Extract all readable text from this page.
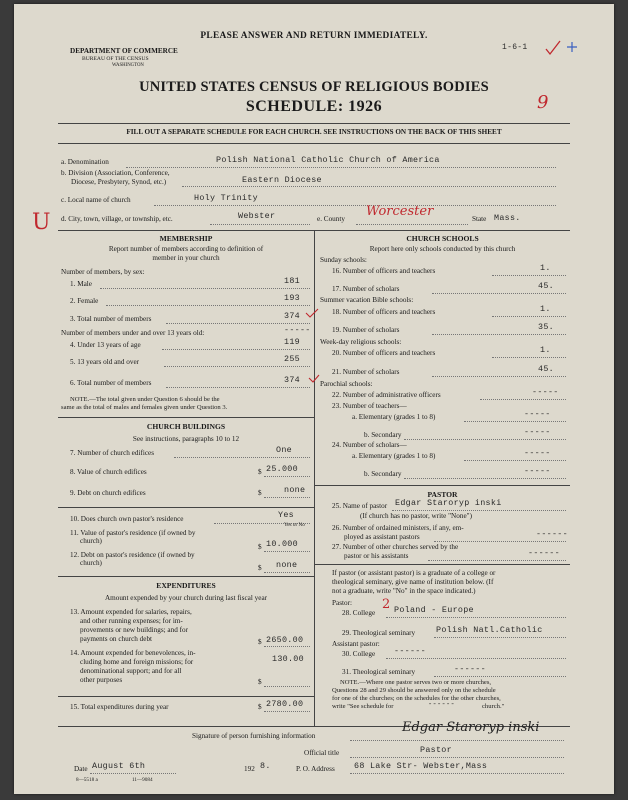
PLEASE ANSWER AND RETURN IMMEDIATELY.
DEPARTMENT OF COMMERCE
BUREAU OF THE CENSUS
WASHINGTON
1-6-1
UNITED STATES CENSUS OF RELIGIOUS BODIES
SCHEDULE: 1926	9
FILL OUT A SEPARATE SCHEDULE FOR EACH CHURCH. SEE INSTRUCTIONS ON THE BACK OF THIS SHEET
a. Denomination	Polish National Catholic Church of America
b. Division (Association, Conference,
Diocese, Presbytery, Synod, etc.)	Eastern Diocese
c. Local name of church	Holy Trinity
d. City, town, village, or township, etc.	Webster	e. County Worcester	State Mass.
U
MEMBERSHIP
Report number of members according to definition of
member in your church
Number of members, by sex:
1. Male	181
2. Female	193
3. Total number of members	374
Number of members under and over 13 years old:	-----
4. Under 13 years of age	119
5. 13 years old and over	255
6. Total number of members	374
NOTE.—The total given under Question 6 should be the
same as the total of males and females given under Question 3.
CHURCH BUILDINGS
See instructions, paragraphs 10 to 12
7. Number of church edifices	One
8. Value of church edifices	$ 25.000
9. Debt on church edifices	$	none
10. Does church own pastor's residence	Yes
Yes or No
11. Value of pastor's residence (if owned by
church)
$ 10.000
12. Debt on pastor's residence (if owned by
church)
$ none
EXPENDITURES
Amount expended by your church during last fiscal year
13. Amount expended for salaries, repairs,
and other running expenses; for im-
provements or new buildings; and for
payments on church debt	$ 2650.00
14. Amount expended for benevolences, in-
cluding home and foreign missions; for
denominational support; and for all
other purposes
130.00
$
15. Total expenditures during year	$ 2780.00
CHURCH SCHOOLS
Report here only schools conducted by this church
Sunday schools:
16. Number of officers and teachers	1.
17. Number of scholars	45.
Summer vacation Bible schools:
18. Number of officers and teachers	1.
19. Number of scholars	35.
Week-day religious schools:
20. Number of officers and teachers	1.
21. Number of scholars	45.
Parochial schools:
22. Number of administrative officers	-----
23. Number of teachers—
a. Elementary (grades 1 to 8)	-----
b. Secondary	-----
24. Number of scholars—
a. Elementary (grades 1 to 8)	-----
b. Secondary	-----
PASTOR
25. Name of pastor Edgar Staroryp inski
(If church has no pastor, write "None")
26. Number of ordained ministers, if any, em-
ployed as assistant pastors	------
27. Number of other churches served by the
pastor or his assistants	------
If pastor (or assistant pastor) is a graduate of a college or
theological seminary, give name of institution below. (If
not a graduate, write "No" in the space indicated.)
Pastor:
28. College
2 Poland - Europe
29. Theological seminary Polish Natl.Catholic
Assistant pastor:
30. College ------
31. Theological seminary	------
NOTE.—Where one pastor serves two or more churches,
Questions 28 and 29 should be answered only on the schedule
for one of the churches; on the schedules for the other churches,
write "See schedule for	------	church."
Signature of person furnishing information
Edgar Staroryp inski
Official title	Pastor
Date August 6th	192 8.	P. O. Address 68 Lake Str- Webster,Mass
8—5518 a	11—9084
